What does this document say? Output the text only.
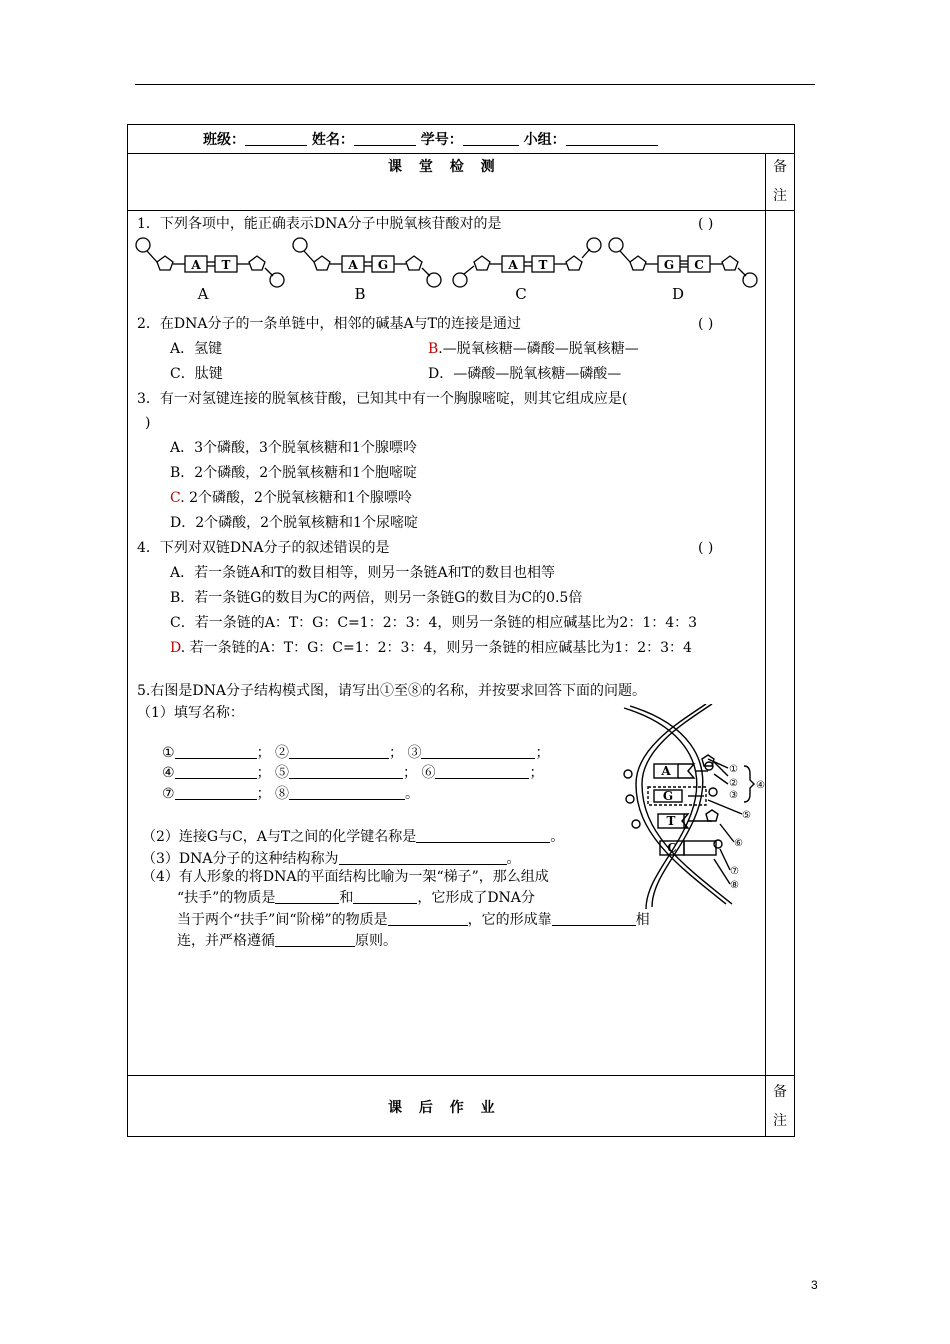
班级：	姓名：	学号：	小组：
课 堂 检 测	备
注
1．下列各项中，能正确表示DNA分子中脱氧核苷酸对的是	( )
A T	A G	A T	G C
A	B	C	D
2．在DNA分子的一条单链中，相邻的碱基A与T的连接是通过	( )
A．氢键	B.—脱氧核糖—磷酸—脱氧核糖—
C．肽键	D．—磷酸—脱氧核糖—磷酸—
3．有一对氢键连接的脱氧核苷酸，已知其中有一个胸腺嘧啶，则其它组成应是(
)
A．3个磷酸，3个脱氧核糖和1个腺嘌呤
B．2个磷酸，2个脱氧核糖和1个胞嘧啶
C. 2个磷酸，2个脱氧核糖和1个腺嘌呤
D．2个磷酸，2个脱氧核糖和1个尿嘧啶
4．下列对双链DNA分子的叙述错误的是	( )
A．若一条链A和T的数目相等，则另一条链A和T的数目也相等
B．若一条链G的数目为C的两倍，则另一条链G的数目为C的0.5倍
C．若一条链的A：T：G：C=1：2：3：4，则另一条链的相应碱基比为2：1：4：3
D. 若一条链的A：T：G：C=1：2：3：4，则另一条链的相应碱基比为1：2：3：4
5.右图是DNA分子结构模式图，请写出①至⑧的名称，并按要求回答下面的问题。
（1）填写名称：
①	； ②	； ③	；
④	； ⑤	； ⑥	；
⑦	； ⑧	。
（2）连接G与C，A与T之间的化学键名称是	。
（3）DNA分子的这种结构称为	。
（4）有人形象的将DNA的平面结构比喻为一架“梯子”，那么组成
“扶手”的物质是	和	，它形成了DNA分
A
G
T
C
①
②
③
④
⑤
⑥
⑦
⑧
当于两个“扶手”间“阶梯”的物质是	，它的形成靠	相
连，并严格遵循	原则。
课 后 作 业
备
注
3
